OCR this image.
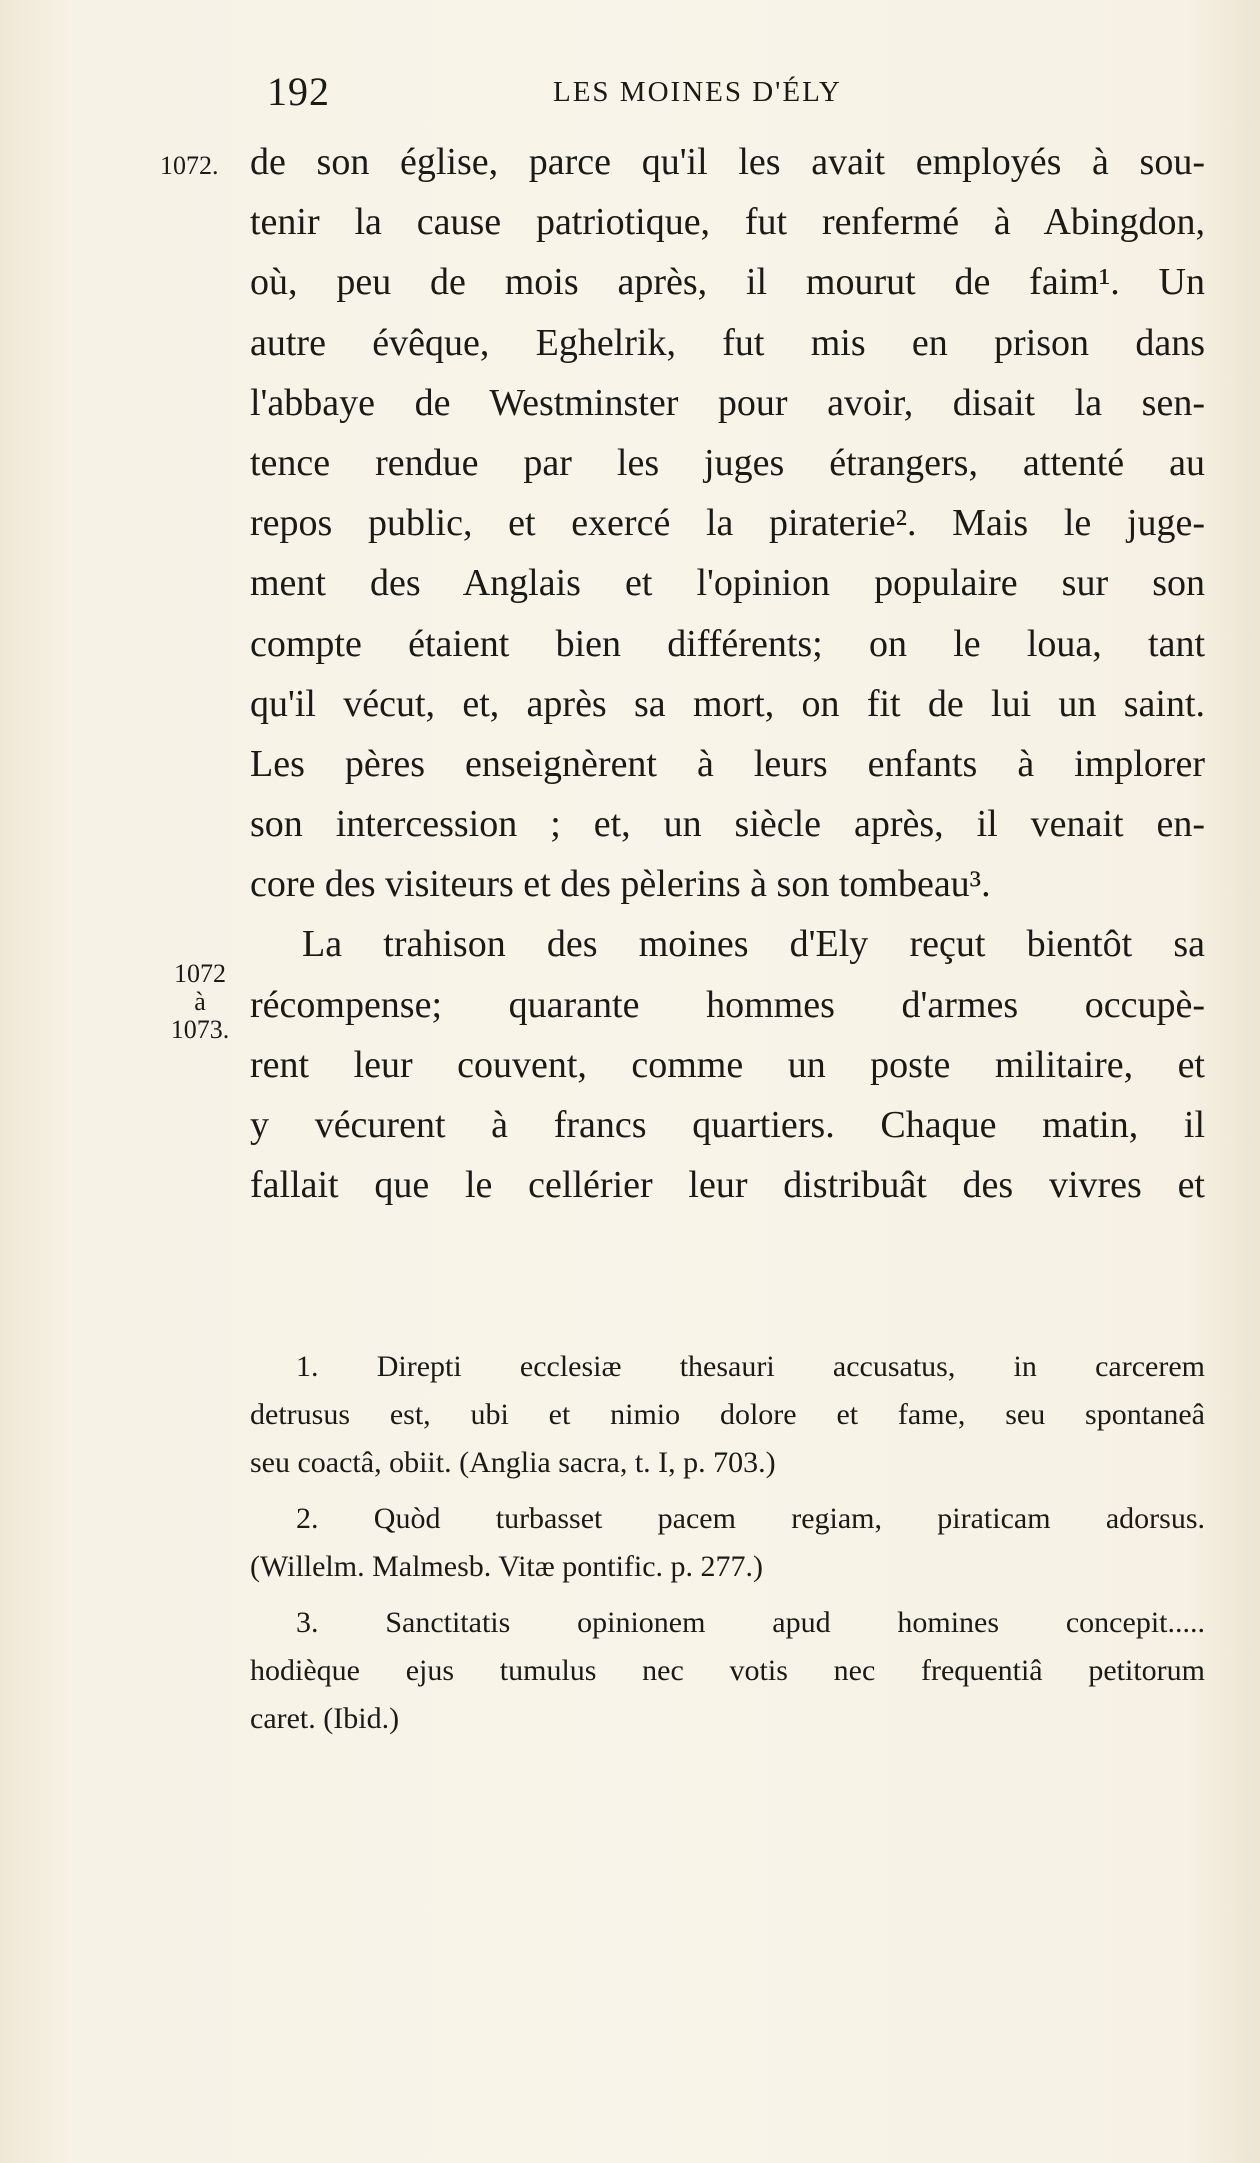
192	LES MOINES D'ÉLY
1072.
1072
à
1073.
de son église, parce qu'il les avait employés à sou-
tenir la cause patriotique, fut renfermé à Abingdon,
où, peu de mois après, il mourut de faim¹. Un
autre évêque, Eghelrik, fut mis en prison dans
l'abbaye de Westminster pour avoir, disait la sen-
tence rendue par les juges étrangers, attenté au
repos public, et exercé la piraterie². Mais le juge-
ment des Anglais et l'opinion populaire sur son
compte étaient bien différents; on le loua, tant
qu'il vécut, et, après sa mort, on fit de lui un saint.
Les pères enseignèrent à leurs enfants à implorer
son intercession ; et, un siècle après, il venait en-
core des visiteurs et des pèlerins à son tombeau³.
La trahison des moines d'Ely reçut bientôt sa
récompense; quarante hommes d'armes occupè-
rent leur couvent, comme un poste militaire, et
y vécurent à francs quartiers. Chaque matin, il
fallait que le cellérier leur distribuât des vivres et
1. Direpti ecclesiæ thesauri accusatus, in carcerem
detrusus est, ubi et nimio dolore et fame, seu spontaneâ
seu coactâ, obiit. (Anglia sacra, t. I, p. 703.)
2. Quòd turbasset pacem regiam, piraticam adorsus.
(Willelm. Malmesb. Vitæ pontific. p. 277.)
3. Sanctitatis opinionem apud homines concepit.....
hodièque ejus tumulus nec votis nec frequentiâ petitorum
caret. (Ibid.)
